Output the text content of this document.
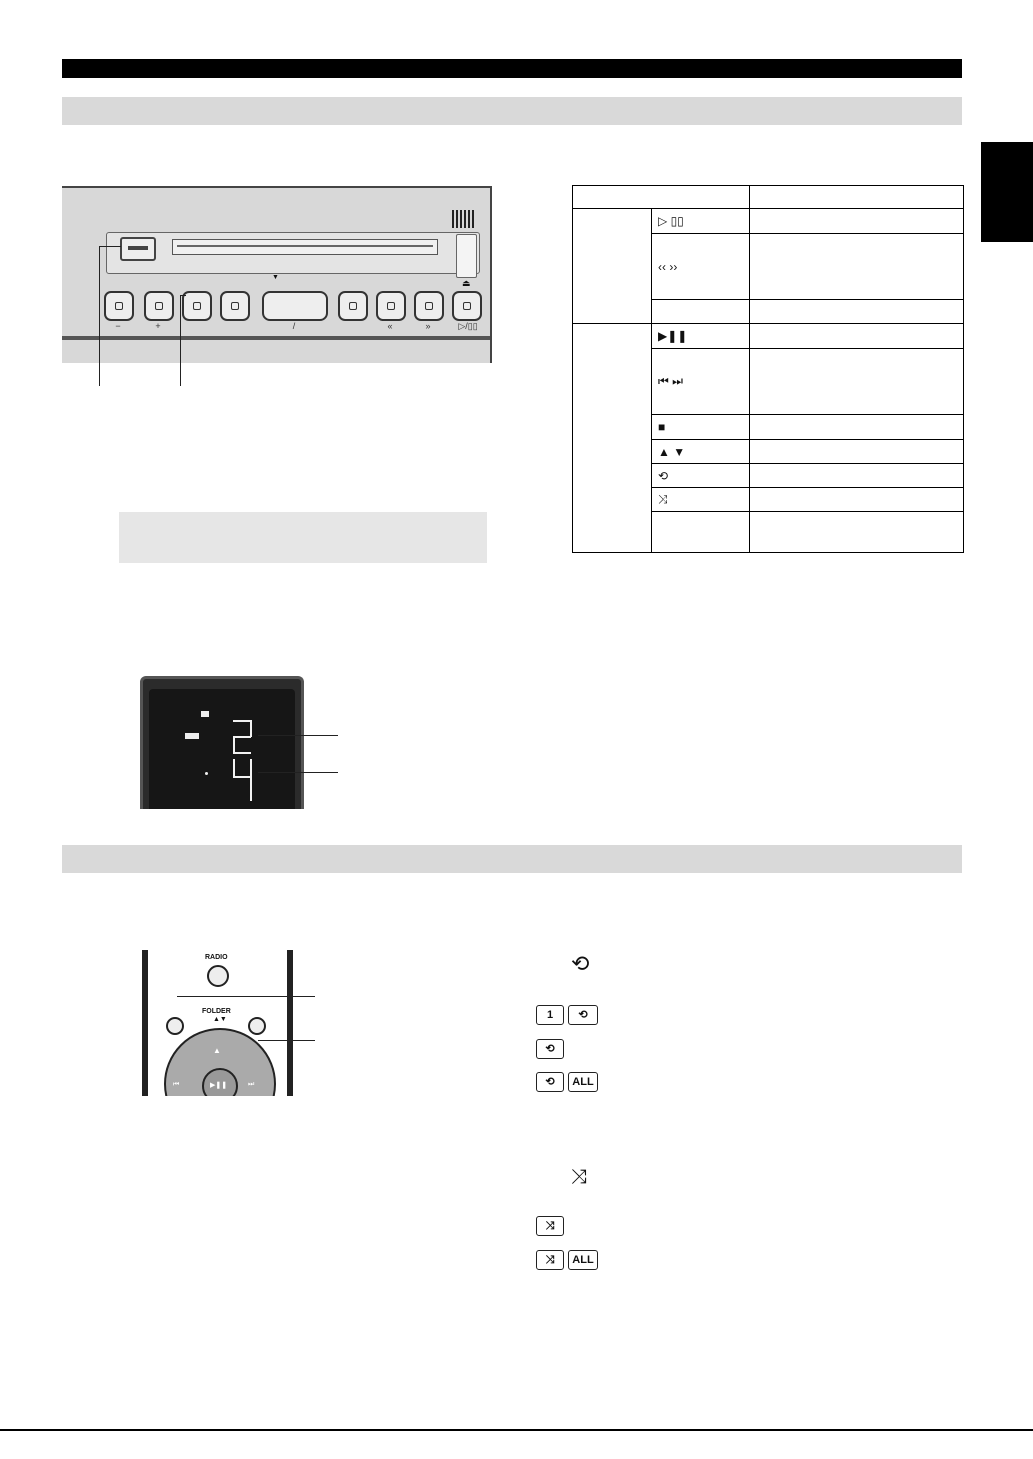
⏏
▼
−	+	/	«	»	▷/▯▯

	▷ ▯▯	
	‹‹ ››	

	▶❚❚	
	⏮ ⏭	
	■	
	▲ ▼	
	⟲	
	⤨	

RADIO
FOLDER
▲▼
▲
⏮	⏭
▶❚❚
⟲
1	⟲
⟲
⟲	ALL
⤨
⤨
⤨	ALL
